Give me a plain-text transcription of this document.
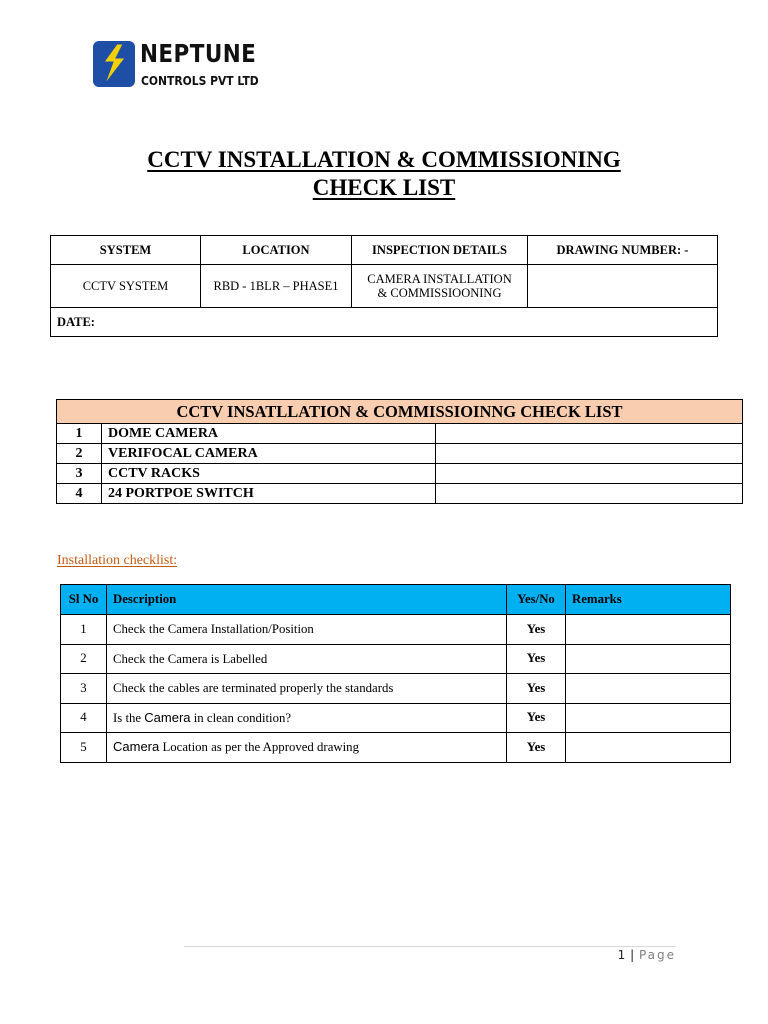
NEPTUNE
CONTROLS PVT LTD
CCTV INSTALLATION & COMMISSIONING
CHECK LIST
SYSTEM	LOCATION	INSPECTION DETAILS	DRAWING NUMBER: -
CCTV SYSTEM	RBD - 1BLR – PHASE1	CAMERA INSTALLATION
& COMMISSIOONING	

DATE:			
CCTV INSATLLATION & COMMISSIOINNG CHECK LIST		
1	DOME CAMERA	
2	VERIFOCAL CAMERA	
3	CCTV RACKS	
4	24 PORTPOE SWITCH	
Installation checklist:
Sl No	Description	Yes/No	Remarks
1	Check the Camera Installation/Position	Yes	
2	Check the Camera is Labelled	Yes	
3	Check the cables are terminated properly the standards	Yes	
4	Is the Camera in clean condition?	Yes	
5	Camera Location as per the Approved drawing	Yes	
1 | Page
